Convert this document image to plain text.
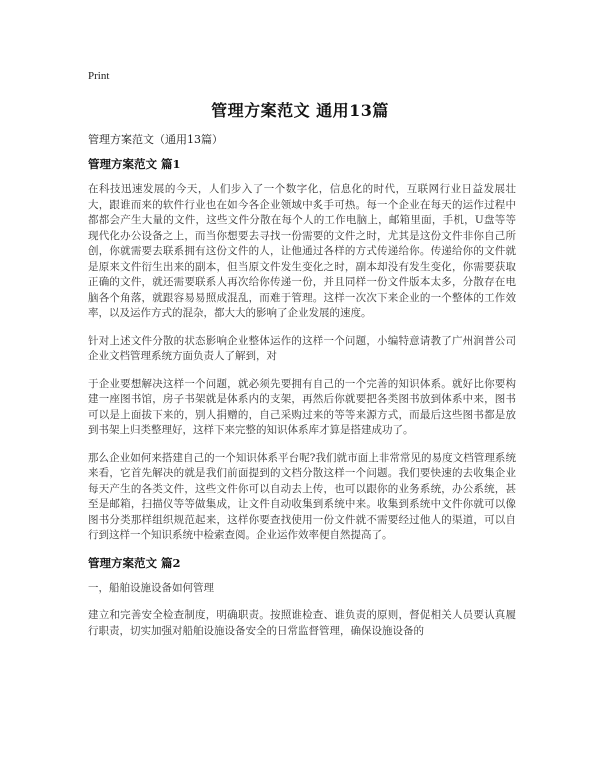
Print
管理方案范文 通用13篇

管理方案范文（通用13篇）

管理方案范文 篇1

在科技迅速发展的今天，人们步入了一个数字化，信息化的时代，互联网行业日益发展壮大，跟谁而来的软件行业也在如今各企业领域中炙手可热。每一个企业在每天的运作过程中都都会产生大量的文件，这些文件分散在每个人的工作电脑上，邮箱里面，手机，U盘等等现代化办公设备之上，而当你想要去寻找一份需要的文件之时，尤其是这份文件非你自己所创，你就需要去联系拥有这份文件的人，让他通过各样的方式传递给你。传递给你的文件就是原来文件衍生出来的副本，但当原文件发生变化之时，副本却没有发生变化，你需要获取正确的文件，就还需要联系人再次给你传递一份，并且同样一份文件版本太多，分散存在电脑各个角落，就跟容易易照成混乱，而难于管理。这样一次次下来企业的一个整体的工作效率，以及运作方式的混杂，都大大的影响了企业发展的速度。

针对上述文件分散的状态影响企业整体运作的这样一个问题，小编特意请教了广州润普公司企业文档管理系统方面负责人了解到，对

于企业要想解决这样一个问题，就必须先要拥有自己的一个完善的知识体系。就好比你要构建一座图书馆，房子书架就是体系内的支架，再然后你就要把各类图书放到体系中来，图书可以是上面拔下来的，别人捐赠的，自己采购过来的等等来源方式，而最后这些图书都是放到书架上归类整理好，这样下来完整的知识体系库才算是搭建成功了。

那么企业如何来搭建自己的一个知识体系平台呢?我们就市面上非常常见的易度文档管理系统来看，它首先解决的就是我们前面提到的文档分散这样一个问题。我们要快速的去收集企业每天产生的各类文件，这些文件你可以自动去上传，也可以跟你的业务系统，办公系统，甚至是邮箱，扫描仪等等做集成，让文件自动收集到系统中来。收集到系统中文件你就可以像图书分类那样组织规范起来，这样你要查找使用一份文件就不需要经过他人的渠道，可以自行到这样一个知识系统中检索查阅。企业运作效率便自然提高了。

管理方案范文 篇2

一，船舶设施设备如何管理

建立和完善安全检查制度，明确职责。按照谁检查、谁负责的原则，督促相关人员要认真履行职责，切实加强对船舶设施设备安全的日常监督管理，确保设施设备的
